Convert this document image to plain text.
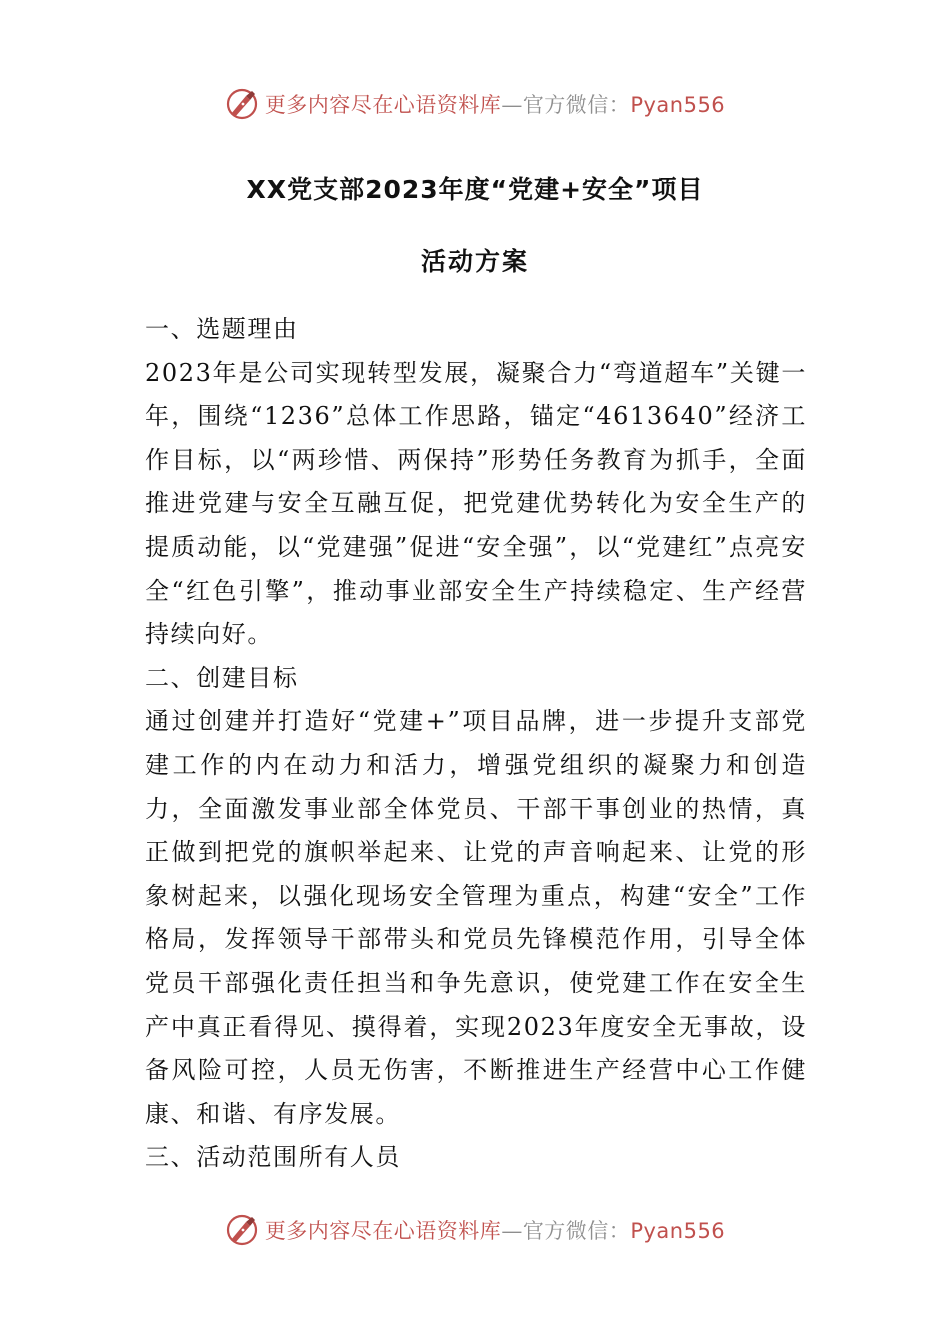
更多内容尽在心语资料库—官方微信：Pyan556
XX党支部2023年度“党建+安全”项目
活动方案

一、选题理由

2023年是公司实现转型发展，凝聚合力“弯道超车”关键一年，围绕“1236”总体工作思路，锚定“4613640”经济工作目标，以“两珍惜、两保持”形势任务教育为抓手，全面推进党建与安全互融互促，把党建优势转化为安全生产的提质动能，以“党建强”促进“安全强”，以“党建红”点亮安全“红色引擎”，推动事业部安全生产持续稳定、生产经营持续向好。

二、创建目标

通过创建并打造好“党建+”项目品牌，进一步提升支部党建工作的内在动力和活力，增强党组织的凝聚力和创造力，全面激发事业部全体党员、干部干事创业的热情，真正做到把党的旗帜举起来、让党的声音响起来、让党的形象树起来，以强化现场安全管理为重点，构建“安全”工作格局，发挥领导干部带头和党员先锋模范作用，引导全体党员干部强化责任担当和争先意识，使党建工作在安全生产中真正看得见、摸得着，实现2023年度安全无事故，设备风险可控，人员无伤害，不断推进生产经营中心工作健康、和谐、有序发展。

三、活动范围所有人员

更多内容尽在心语资料库—官方微信：Pyan556
